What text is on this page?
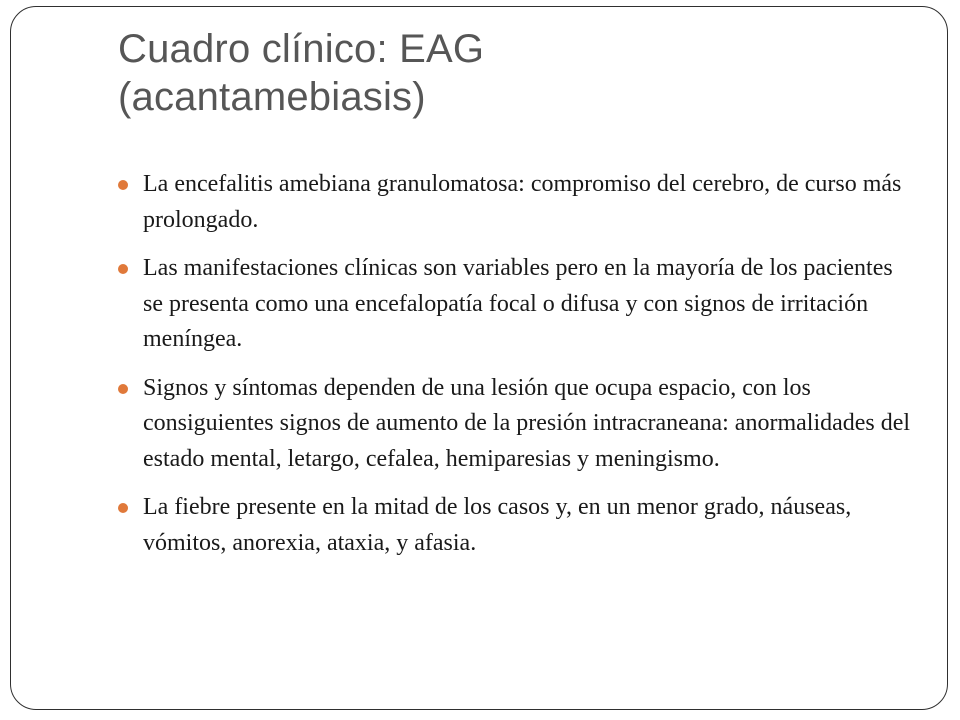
Cuadro clínico: EAG
(acantamebiasis)
La encefalitis amebiana granulomatosa: compromiso del cerebro, de curso más prolongado.
Las manifestaciones clínicas son variables pero en la mayoría de los pacientes se presenta como una encefalopatía focal o difusa y con signos de irritación meníngea.
Signos y síntomas dependen de una lesión que ocupa espacio, con los consiguientes signos de aumento de la presión intracraneana: anormalidades del estado mental, letargo, cefalea, hemiparesias y meningismo.
La fiebre presente en la mitad de los casos y, en un menor grado, náuseas, vómitos, anorexia, ataxia, y afasia.
